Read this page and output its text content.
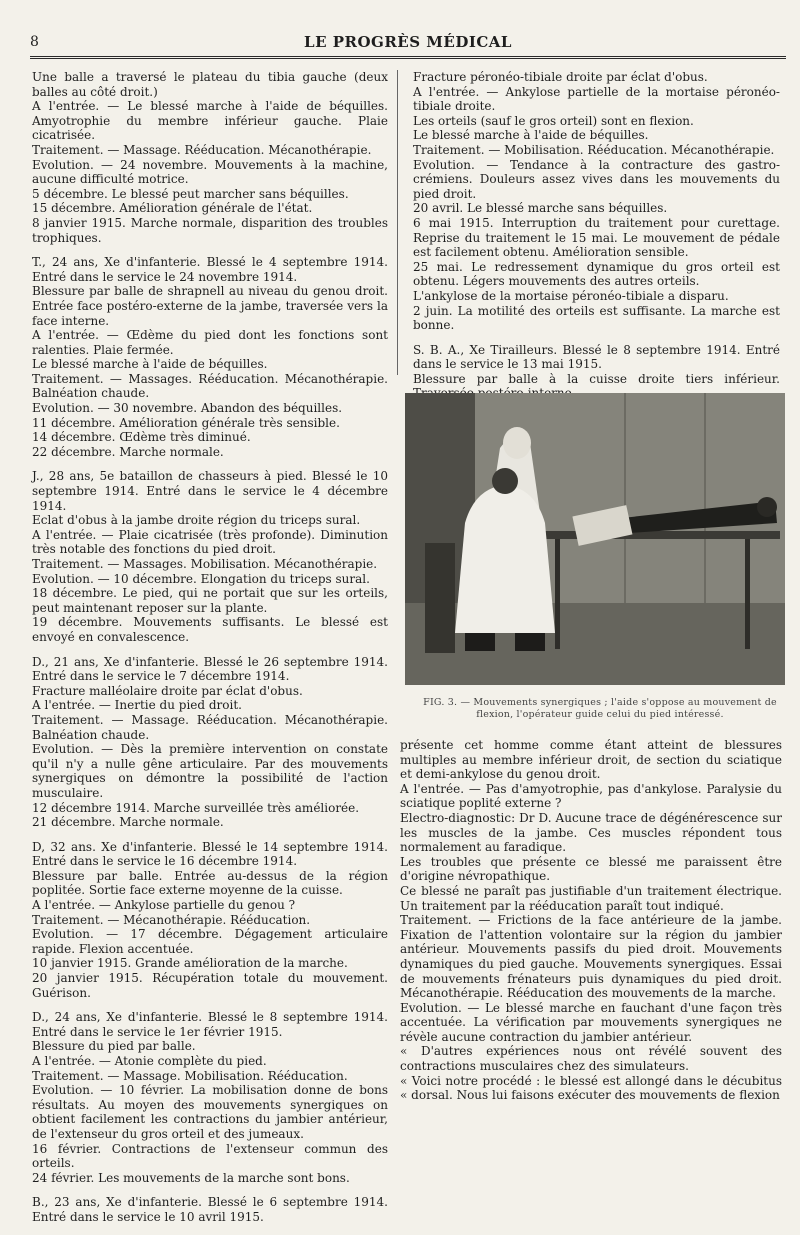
8	LE PROGRÈS MÉDICAL

Une balle a traversé le plateau du tibia gauche (deux balles au côté droit.)

A l'entrée. — Le blessé marche à l'aide de béquilles. Amyotrophie du membre inférieur gauche. Plaie cicatrisée.

Traitement. — Massage. Rééducation. Mécanothérapie.

Evolution. — 24 novembre. Mouvements à la machine, aucune difficulté motrice.

5 décembre. Le blessé peut marcher sans béquilles.

15 décembre. Amélioration générale de l'état.

8 janvier 1915. Marche normale, disparition des troubles trophiques.

T., 24 ans, Xe d'infanterie. Blessé le 4 septembre 1914. Entré dans le service le 24 novembre 1914.

Blessure par balle de shrapnell au niveau du genou droit. Entrée face postéro-externe de la jambe, traversée vers la face interne.

A l'entrée. — Œdème du pied dont les fonctions sont ralenties. Plaie fermée.

Le blessé marche à l'aide de béquilles.

Traitement. — Massages. Rééducation. Mécanothérapie. Balnéation chaude.

Evolution. — 30 novembre. Abandon des béquilles.

11 décembre. Amélioration générale très sensible.

14 décembre. Œdème très diminué.

22 décembre. Marche normale.

J., 28 ans, 5e bataillon de chasseurs à pied. Blessé le 10 septembre 1914. Entré dans le service le 4 décembre 1914.

Eclat d'obus à la jambe droite région du triceps sural.

A l'entrée. — Plaie cicatrisée (très profonde). Diminution très notable des fonctions du pied droit.

Traitement. — Massages. Mobilisation. Mécanothérapie.

Evolution. — 10 décembre. Elongation du triceps sural.

18 décembre. Le pied, qui ne portait que sur les orteils, peut maintenant reposer sur la plante.

19 décembre. Mouvements suffisants. Le blessé est envoyé en convalescence.

D., 21 ans, Xe d'infanterie. Blessé le 26 septembre 1914. Entré dans le service le 7 décembre 1914.

Fracture malléolaire droite par éclat d'obus.

A l'entrée. — Inertie du pied droit.

Traitement. — Massage. Rééducation. Mécanothérapie. Balnéation chaude.

Evolution. — Dès la première intervention on constate qu'il n'y a nulle gêne articulaire. Par des mouvements synergiques on démontre la possibilité de l'action musculaire.

12 décembre 1914. Marche surveillée très améliorée.

21 décembre. Marche normale.

D, 32 ans. Xe d'infanterie. Blessé le 14 septembre 1914. Entré dans le service le 16 décembre 1914.

Blessure par balle. Entrée au-dessus de la région poplitée. Sortie face externe moyenne de la cuisse.

A l'entrée. — Ankylose partielle du genou ?

Traitement. — Mécanothérapie. Rééducation.

Evolution. — 17 décembre. Dégagement articulaire rapide. Flexion accentuée.

10 janvier 1915. Grande amélioration de la marche.

20 janvier 1915. Récupération totale du mouvement. Guérison.

D., 24 ans, Xe d'infanterie. Blessé le 8 septembre 1914. Entré dans le service le 1er février 1915.

Blessure du pied par balle.

A l'entrée. — Atonie complète du pied.

Traitement. — Massage. Mobilisation. Rééducation.

Evolution. — 10 février. La mobilisation donne de bons résultats. Au moyen des mouvements synergiques on obtient facilement les contractions du jambier antérieur, de l'extenseur du gros orteil et des jumeaux.

16 février. Contractions de l'extenseur commun des orteils.

24 février. Les mouvements de la marche sont bons.

B., 23 ans, Xe d'infanterie. Blessé le 6 septembre 1914. Entré dans le service le 10 avril 1915.

Fracture péronéo-tibiale droite par éclat d'obus.

A l'entrée. — Ankylose partielle de la mortaise péronéo-tibiale droite.

Les orteils (sauf le gros orteil) sont en flexion.

Le blessé marche à l'aide de béquilles.

Traitement. — Mobilisation. Rééducation. Mécanothérapie.

Evolution. — Tendance à la contracture des gastro-crémiens. Douleurs assez vives dans les mouvements du pied droit.

20 avril. Le blessé marche sans béquilles.

6 mai 1915. Interruption du traitement pour curettage. Reprise du traitement le 15 mai. Le mouvement de pédale est facilement obtenu. Amélioration sensible.

25 mai. Le redressement dynamique du gros orteil est obtenu. Légers mouvements des autres orteils.

L'ankylose de la mortaise péronéo-tibiale a disparu.

2 juin. La motilité des orteils est suffisante. La marche est bonne.

S. B. A., Xe Tirailleurs. Blessé le 8 septembre 1914. Entré dans le service le 13 mai 1915.

Blessure par balle à la cuisse droite tiers inférieur.

FIG. 3. — Mouvements synergiques ; l'aide s'oppose au mouvement de flexion, l'opérateur guide celui du pied intéressé.

présente cet homme comme étant atteint de blessures multiples au membre inférieur droit, de section du sciatique et demi-ankylose du genou droit.

A l'entrée. — Pas d'amyotrophie, pas d'ankylose. Paralysie du sciatique poplité externe ?

Electro-diagnostic: Dr D. Aucune trace de dégénérescence sur les muscles de la jambe. Ces muscles répondent tous normalement au faradique.

Les troubles que présente ce blessé me paraissent être d'origine névropathique.

Ce blessé ne paraît pas justifiable d'un traitement électrique. Un traitement par la rééducation paraît tout indiqué.

Traitement. — Frictions de la face antérieure de la jambe. Fixation de l'attention volontaire sur la région du jambier antérieur. Mouvements passifs du pied droit. Mouvements dynamiques du pied gauche. Mouvements synergiques. Essai de mouvements frénateurs puis dynamiques du pied droit. Mécanothérapie. Rééducation des mouvements de la marche.

Evolution. — Le blessé marche en fauchant d'une façon très accentuée. La vérification par mouvements synergiques ne révèle aucune contraction du jambier antérieur.

« D'autres expériences nous ont révélé souvent des contractions musculaires chez des simulateurs.

« Voici notre procédé : le blessé est allongé dans le décubitus « dorsal. Nous lui faisons exécuter des mouvements de flexion
